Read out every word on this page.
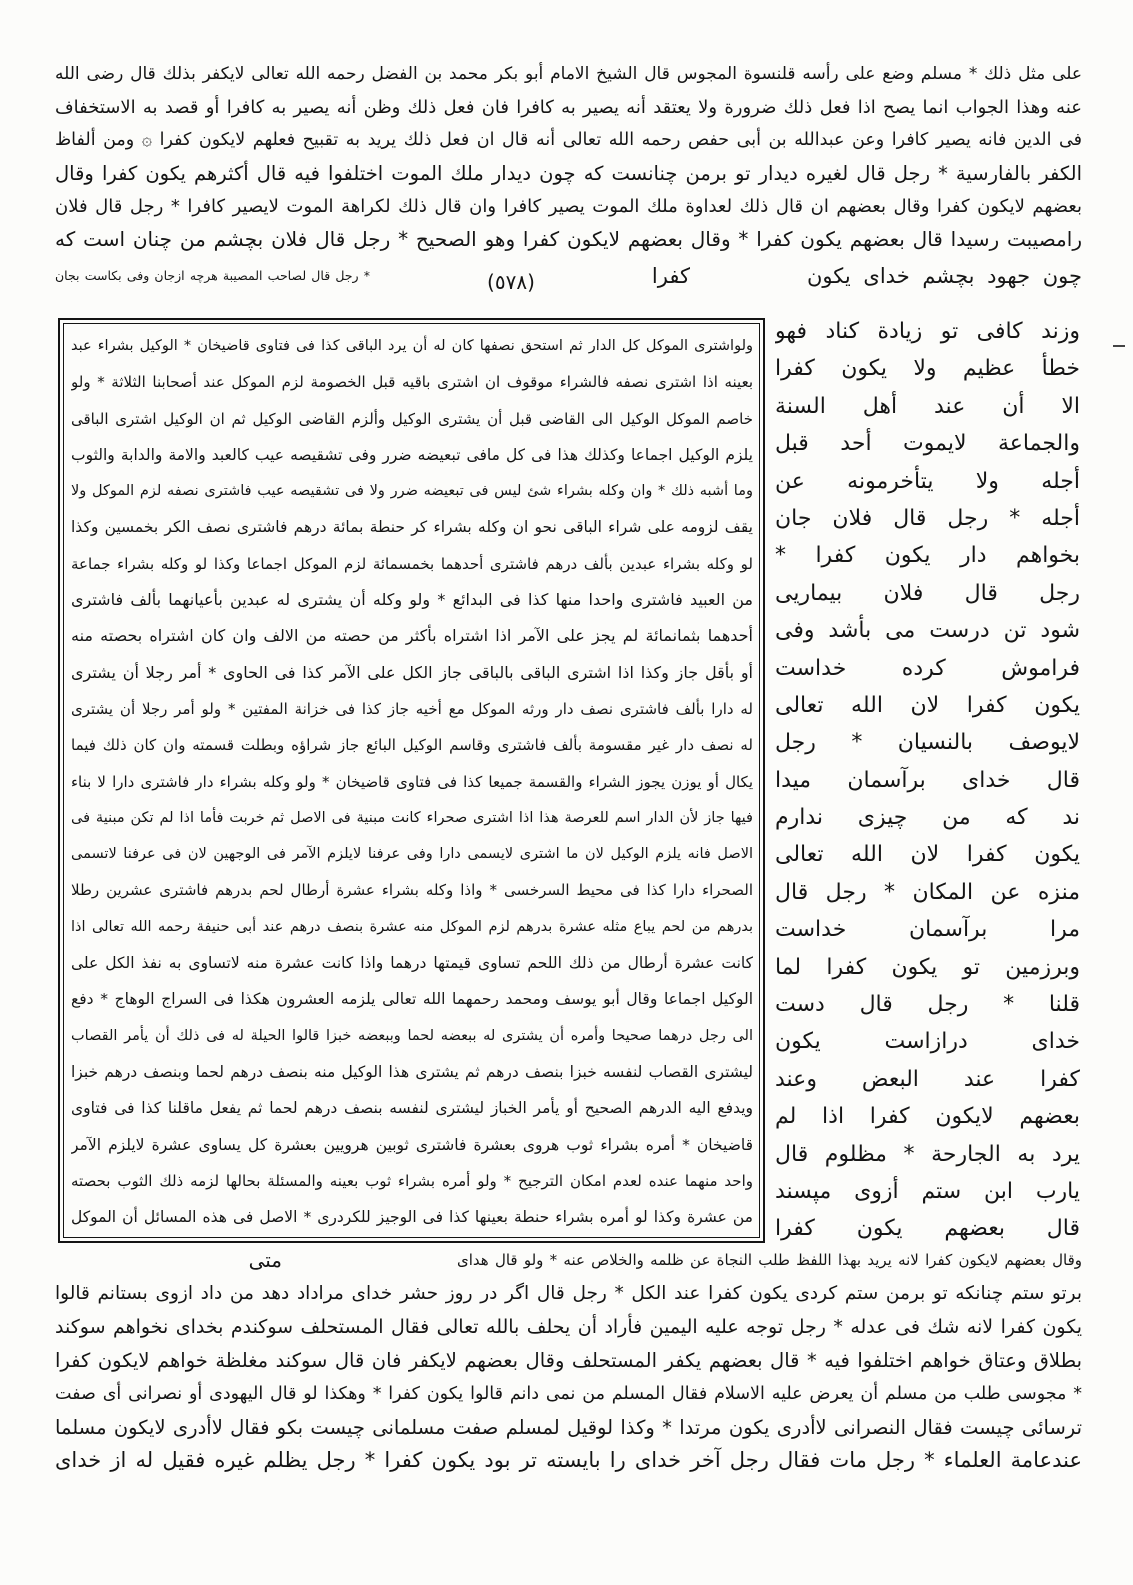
على مثل ذلك * مسلم وضع على رأسه قلنسوة المجوس قال الشيخ الامام أبو بكر محمد بن الفضل رحمه الله تعالى لايكفر بذلك قال رضى الله
عنه وهذا الجواب انما يصح اذا فعل ذلك ضرورة ولا يعتقد أنه يصير به كافرا فان فعل ذلك وظن أنه يصير به كافرا أو قصد به الاستخفاف
فى الدين فانه يصير كافرا وعن عبدالله بن أبى حفص رحمه الله تعالى أنه قال ان فعل ذلك يريد به تقبيح فعلهم لايكون كفرا ۞ ومن ألفاظ
الكفر بالفارسية * رجل قال لغيره ديدار تو برمن چنانست كه چون ديدار ملك الموت اختلفوا فيه قال أكثرهم يكون كفرا وقال
بعضهم لايكون كفرا وقال بعضهم ان قال ذلك لعداوة ملك الموت يصير كافرا وان قال ذلك لكراهة الموت لايصير كافرا * رجل قال فلان
رامصيبت رسيدا قال بعضهم يكون كفرا * وقال بعضهم لايكون كفرا وهو الصحيح * رجل قال فلان بچشم من چنان است كه
چون جهود بچشم خداى يكون
كفرا
(٥٧٨)
* رجل قال لصاحب المصيبة هرچه ازجان وفى بكاست بجان
ولواشترى الموكل كل الدار ثم استحق نصفها كان له أن يرد الباقى كذا فى فتاوى قاضيخان * الوكيل بشراء عبد
بعينه اذا اشترى نصفه فالشراء موقوف ان اشترى باقيه قبل الخصومة لزم الموكل عند أصحابنا الثلاثة * ولو
خاصم الموكل الوكيل الى القاضى قبل أن يشترى الوكيل وألزم القاضى الوكيل ثم ان الوكيل اشترى الباقى
يلزم الوكيل اجماعا وكذلك هذا فى كل مافى تبعيضه ضرر وفى تشقيصه عيب كالعبد والامة والدابة والثوب
وما أشبه ذلك * وان وكله بشراء شئ ليس فى تبعيضه ضرر ولا فى تشقيصه عيب فاشترى نصفه لزم الموكل ولا
يقف لزومه على شراء الباقى نحو ان وكله بشراء كر حنطة بمائة درهم فاشترى نصف الكر بخمسين وكذا
لو وكله بشراء عبدين بألف درهم فاشترى أحدهما بخمسمائة لزم الموكل اجماعا وكذا لو وكله بشراء جماعة
من العبيد فاشترى واحدا منها كذا فى البدائع * ولو وكله أن يشترى له عبدين بأعيانهما بألف فاشترى
أحدهما بثمانمائة لم يجز على الآمر اذا اشتراه بأكثر من حصته من الالف وان كان اشتراه بحصته منه
أو بأقل جاز وكذا اذا اشترى الباقى بالباقى جاز الكل على الآمر كذا فى الحاوى * أمر رجلا أن يشترى
له دارا بألف فاشترى نصف دار ورثه الموكل مع أخيه جاز كذا فى خزانة المفتين * ولو أمر رجلا أن يشترى
له نصف دار غير مقسومة بألف فاشترى وقاسم الوكيل البائع جاز شراؤه وبطلت قسمته وان كان ذلك فيما
يكال أو يوزن يجوز الشراء والقسمة جميعا كذا فى فتاوى قاضيخان * ولو وكله بشراء دار فاشترى دارا لا بناء
فيها جاز لأن الدار اسم للعرصة هذا اذا اشترى صحراء كانت مبنية فى الاصل ثم خربت فأما اذا لم تكن مبنية فى
الاصل فانه يلزم الوكيل لان ما اشترى لايسمى دارا وفى عرفنا لايلزم الآمر فى الوجهين لان فى عرفنا لاتسمى
الصحراء دارا كذا فى محيط السرخسى * واذا وكله بشراء عشرة أرطال لحم بدرهم فاشترى عشرين رطلا
بدرهم من لحم يباع مثله عشرة بدرهم لزم الموكل منه عشرة بنصف درهم عند أبى حنيفة رحمه الله تعالى اذا
كانت عشرة أرطال من ذلك اللحم تساوى قيمتها درهما واذا كانت عشرة منه لاتساوى به نفذ الكل على
الوكيل اجماعا وقال أبو يوسف ومحمد رحمهما الله تعالى يلزمه العشرون هكذا فى السراج الوهاج * دفع
الى رجل درهما صحيحا وأمره أن يشترى له ببعضه لحما وببعضه خبزا قالوا الحيلة له فى ذلك أن يأمر القصاب
ليشترى القصاب لنفسه خبزا بنصف درهم ثم يشترى هذا الوكيل منه بنصف درهم لحما وبنصف درهم خبزا
ويدفع اليه الدرهم الصحيح أو يأمر الخباز ليشترى لنفسه بنصف درهم لحما ثم يفعل ماقلنا كذا فى فتاوى
قاضيخان * أمره بشراء ثوب هروى بعشرة فاشترى ثوبين هرويين بعشرة كل يساوى عشرة لايلزم الآمر
واحد منهما عنده لعدم امكان الترجيح * ولو أمره بشراء ثوب بعينه والمسئلة بحالها لزمه ذلك الثوب بحصته
من عشرة وكذا لو أمره بشراء حنطة بعينها كذا فى الوجيز للكردرى * الاصل فى هذه المسائل أن الموكل
وزند كافى تو زيادة كناد فهو
خطأ عظيم ولا يكون كفرا
الا أن عند أهل السنة
والجماعة لايموت أحد قبل
أجله ولا يتأخرمونه عن
أجله * رجل قال فلان جان
بخواهم دار يكون كفرا *
رجل قال فلان بيماريى
شود تن درست مى بأشد وفى
فراموش كرده خداست
يكون كفرا لان الله تعالى
لايوصف بالنسيان * رجل
قال خداى برآسمان ميدا
ند كه من چيزى ندارم
يكون كفرا لان الله تعالى
منزه عن المكان * رجل قال
مرا برآسمان خداست
وبرزمين تو يكون كفرا لما
قلنا * رجل قال دست
خداى درازاست يكون
كفرا عند البعض وعند
بعضهم لايكون كفرا اذا لم
يرد به الجارحة * مظلوم قال
يارب ابن ستم أزوى مپسند
قال بعضهم يكون كفرا
وقال بعضهم لايكون كفرا لانه يريد بهذا اللفظ طلب النجاة عن ظلمه والخلاص عنه * ولو قال هداى
متى
برتو ستم چنانكه تو برمن ستم كردى يكون كفرا عند الكل * رجل قال اگر در روز حشر خداى مراداد دهد من داد ازوى بستانم قالوا
يكون كفرا لانه شك فى عدله * رجل توجه عليه اليمين فأراد أن يحلف بالله تعالى فقال المستحلف سوكندم بخداى نخواهم سوكند
بطلاق وعتاق خواهم اختلفوا فيه * قال بعضهم يكفر المستحلف وقال بعضهم لايكفر فان قال سوكند مغلظة خواهم لايكون كفرا
* مجوسى طلب من مسلم أن يعرض عليه الاسلام فقال المسلم من نمى دانم قالوا يكون كفرا * وهكذا لو قال اليهودى أو نصرانى أى صفت
ترسائى چيست فقال النصرانى لاأدرى يكون مرتدا * وكذا لوقيل لمسلم صفت مسلمانى چيست بكو فقال لاأدرى لايكون مسلما
عندعامة العلماء * رجل مات فقال رجل آخر خداى را بايسته تر بود يكون كفرا * رجل يظلم غيره فقيل له از خداى
